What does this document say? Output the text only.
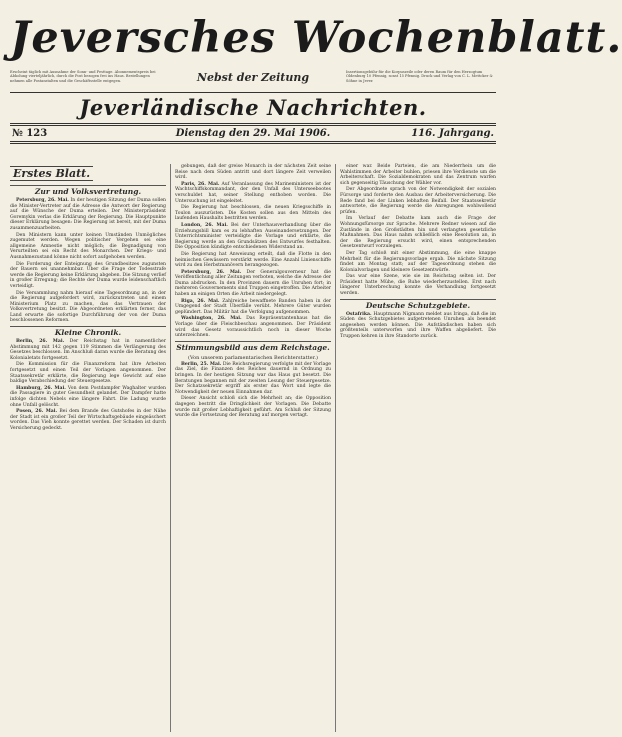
Jeversches Wochenblatt.
Erscheint täglich mit Ausnahme der Sonn- und Festtage. Abonnementspreis bei Abholung vierteljährlich, durch die Post bezogen frei ins Haus. Bestellungen nehmen alle Postanstalten und die Geschäftsstelle entgegen.	Nebst der Zeitung	Insertionsgebühr für die Korpuszeile oder deren Raum für den Herzogtum Oldenburg 10 Pfennig, sonst 15 Pfennig. Druck und Verlag von C. L. Mettcker & Söhne in Jever.
Jeverländische Nachrichten.
№ 123	Dienstag den 29. Mai 1906.	116. Jahrgang.
Erstes Blatt.
Zur und Volksvertretung.

Petersburg, 26. Mai. In der heutigen Sitzung der Duma sollen die Minister-Vertreter auf die Adresse die Antwort der Regierung auf die Wünsche der Duma erteilen. Der Ministerpräsident Goremykin verlas die Erklärung der Regierung. Die Hauptpunkte dieser Erklärung besagen: Die Regierung ist bereit, mit der Duma zusammenzuarbeiten.

Den Ministern kann unter keinen Umständen Unmögliches zugemutet werden. Wegen politischer Vergehen sei eine allgemeine Amnestie nicht möglich; die Begnadigung von Verurteilten sei ein Recht des Monarchen. Der Kriegs- und Ausnahmezustand könne nicht sofort aufgehoben werden.

Die Forderung der Enteignung des Grundbesitzes zugunsten der Bauern sei unannehmbar. Über die Frage der Todesstrafe werde die Regierung keine Erklärung abgeben. Die Sitzung verlief in großer Erregung; die Rechte der Duma wurde leidenschaftlich verteidigt.

Die Versammlung nahm hierauf eine Tagesordnung an, in der die Regierung aufgefordert wird, zurückzutreten und einem Ministerium Platz zu machen, das das Vertrauen der Volksvertretung besitzt. Die Abgeordneten erklärten ferner, das Land erwarte die sofortige Durchführung der von der Duma beschlossenen Reformen.

Kleine Chronik.

Berlin, 26. Mai. Der Reichstag hat in namentlicher Abstimmung mit 142 gegen 119 Stimmen die Verlängerung des Gesetzes beschlossen. Im Anschluß daran wurde die Beratung des Kolonialetats fortgesetzt.

Die Kommission für die Finanzreform hat ihre Arbeiten fortgesetzt und einen Teil der Vorlagen angenommen. Der Staatssekretär erklärte, die Regierung lege Gewicht auf eine baldige Verabschiedung der Steuergesetze.

Hamburg, 26. Mai. Von dem Postdampfer Waghalter wurden die Passagiere in guter Gesundheit gelandet. Der Dampfer hatte infolge dichten Nebels eine längere Fahrt. Die Ladung wurde ohne Unfall gelöscht.

Posen, 26. Mai. Bei dem Brande des Gutshofes in der Nähe der Stadt ist ein großer Teil der Wirtschaftsgebäude eingeäschert worden. Das Vieh konnte gerettet werden. Der Schaden ist durch Versicherung gedeckt.

gebungen, daß der greise Monarch in der nächsten Zeit seine Reise nach dem Süden antritt und dort längere Zeit verweilen wird.

Paris, 26. Mai. Auf Veranlassung des Marineministers ist der Wachtschiffskommandant, der den Unfall des Unterseebootes verschuldet hat, seiner Stellung enthoben worden. Die Untersuchung ist eingeleitet.

Die Regierung hat beschlossen, die neuen Kriegsschiffe in Toulon auszurüsten. Die Kosten sollen aus den Mitteln des laufenden Haushalts bestritten werden.

London, 26. Mai. Bei der Unterhausverhandlung über die Erziehungsbill kam es zu lebhaften Auseinandersetzungen. Der Unterrichtsminister verteidigte die Vorlage und erklärte, die Regierung werde an den Grundsätzen des Entwurfes festhalten. Die Opposition kündigte entschiedenen Widerstand an.

Die Regierung hat Anweisung erteilt, daß die Flotte in den heimischen Gewässern verstärkt werde. Eine Anzahl Linienschiffe wird zu den Herbstmanövern herangezogen.

Petersburg, 26. Mai. Der Generalgouverneur hat die Veröffentlichung aller Zeitungen verboten, welche die Adresse der Duma abdrucken. In den Provinzen dauern die Unruhen fort; in mehreren Gouvernements sind Truppen eingetroffen. Die Arbeiter haben an einigen Orten die Arbeit niedergelegt.

Riga, 26. Mai. Zahlreiche bewaffnete Banden haben in der Umgegend der Stadt Überfälle verübt. Mehrere Güter wurden geplündert. Das Militär hat die Verfolgung aufgenommen.

Washington, 26. Mai. Das Repräsentantenhaus hat die Vorlage über die Fleischbeschau angenommen. Der Präsident wird das Gesetz voraussichtlich noch in dieser Woche unterzeichnen.

Stimmungsbild aus dem Reichstage.
(Von unserem parlamentarischen Berichterstatter.)

Berlin, 25. Mai. Die Reichsregierung verfolgte mit der Vorlage das Ziel, die Finanzen des Reiches dauernd in Ordnung zu bringen. In der heutigen Sitzung war das Haus gut besetzt. Die Beratungen begannen mit der zweiten Lesung der Steuergesetze. Der Schatzsekretär ergriff als erster das Wort und legte die Notwendigkeit der neuen Einnahmen dar.

Dieser Ansicht schloß sich die Mehrheit an; die Opposition dagegen bestritt die Dringlichkeit der Vorlagen. Die Debatte wurde mit großer Lebhaftigkeit geführt. Am Schluß der Sitzung wurde die Fortsetzung der Beratung auf morgen vertagt.

einer war. Beide Parteien, die am Niederrhein um die Wahlstimmen der Arbeiter buhlen, priesen ihre Verdienste um die Arbeiterschaft. Die Sozialdemokraten und das Zentrum warfen sich gegenseitig Täuschung der Wähler vor.

Der Abgeordnete sprach von der Notwendigkeit der sozialen Fürsorge und forderte den Ausbau der Arbeiterversicherung. Die Rede fand bei der Linken lebhaften Beifall. Der Staatssekretär antwortete, die Regierung werde die Anregungen wohlwollend prüfen.

Im Verlauf der Debatte kam auch die Frage der Wohnungsfürsorge zur Sprache. Mehrere Redner wiesen auf die Zustände in den Großstädten hin und verlangten gesetzliche Maßnahmen. Das Haus nahm schließlich eine Resolution an, in der die Regierung ersucht wird, einen entsprechenden Gesetzentwurf vorzulegen.

Der Tag schloß mit einer Abstimmung, die eine knappe Mehrheit für die Regierungsvorlage ergab. Die nächste Sitzung findet am Montag statt; auf der Tagesordnung stehen die Kolonialvorlagen und kleinere Gesetzentwürfe.

Das war eine Szene, wie sie im Reichstag selten ist. Der Präsident hatte Mühe, die Ruhe wiederherzustellen. Erst nach längerer Unterbrechung konnte die Verhandlung fortgesetzt werden.

Deutsche Schutzgebiete.

Ostafrika. Hauptmann Nigmann meldet aus Iringa, daß die im Süden des Schutzgebietes aufgetretenen Unruhen als beendet angesehen werden können. Die Aufständischen haben sich größtenteils unterworfen und ihre Waffen abgeliefert. Die Truppen kehren in ihre Standorte zurück.
